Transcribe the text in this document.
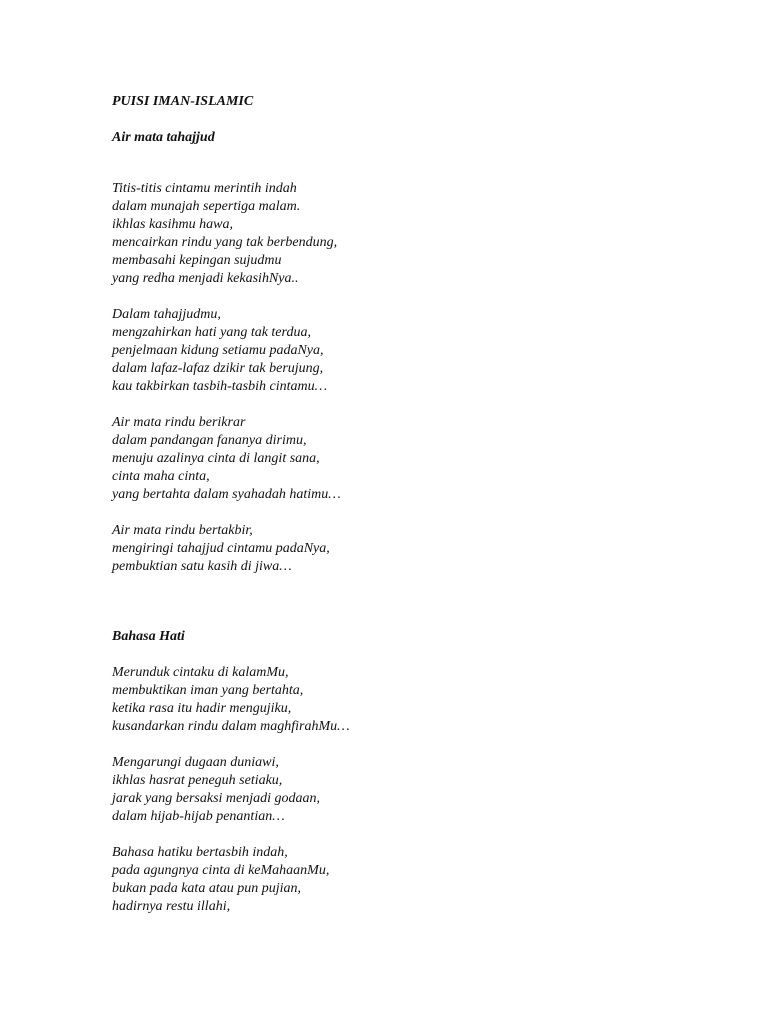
PUISI IMAN-ISLAMIC
Air mata tahajjud
Titis-titis cintamu merintih indah
dalam munajah sepertiga malam.
ikhlas kasihmu hawa,
mencairkan rindu yang tak berbendung,
membasahi kepingan sujudmu
yang redha menjadi kekasihNya..
Dalam tahajjudmu,
mengzahirkan hati yang tak terdua,
penjelmaan kidung setiamu padaNya,
dalam lafaz-lafaz dzikir tak berujung,
kau takbirkan tasbih-tasbih cintamu…
Air mata rindu berikrar
dalam pandangan fananya dirimu,
menuju azalinya cinta di langit sana,
cinta maha cinta,
yang bertahta dalam syahadah hatimu…
Air mata rindu bertakbir,
mengiringi tahajjud cintamu padaNya,
pembuktian satu kasih di jiwa…
Bahasa Hati
Merunduk cintaku di kalamMu,
membuktikan iman yang bertahta,
ketika rasa itu hadir mengujiku,
kusandarkan rindu dalam maghfirahMu…
Mengarungi dugaan duniawi,
ikhlas hasrat peneguh setiaku,
jarak yang bersaksi menjadi godaan,
dalam hijab-hijab penantian…
Bahasa hatiku bertasbih indah,
pada agungnya cinta di keMahaanMu,
bukan pada kata atau pun pujian,
hadirnya restu illahi,
